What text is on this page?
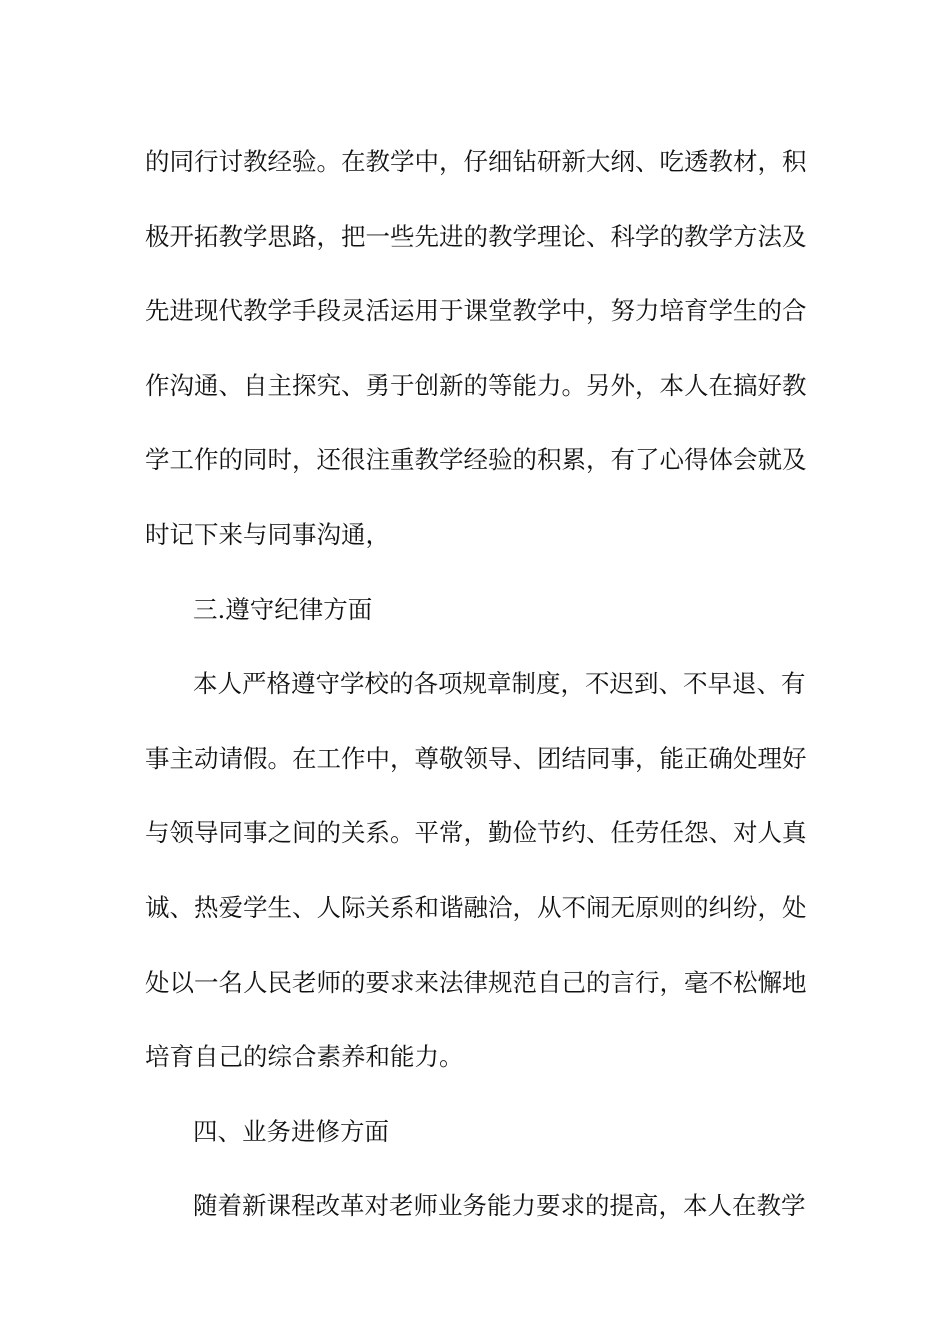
的同行讨教经验。在教学中，仔细钻研新大纲、吃透教材，积
极开拓教学思路，把一些先进的教学理论、科学的教学方法及
先进现代教学手段灵活运用于课堂教学中，努力培育学生的合
作沟通、自主探究、勇于创新的等能力。另外，本人在搞好教
学工作的同时，还很注重教学经验的积累，有了心得体会就及
时记下来与同事沟通，
三.遵守纪律方面
本人严格遵守学校的各项规章制度，不迟到、不早退、有
事主动请假。在工作中，尊敬领导、团结同事，能正确处理好
与领导同事之间的关系。平常，勤俭节约、任劳任怨、对人真
诚、热爱学生、人际关系和谐融洽，从不闹无原则的纠纷，处
处以一名人民老师的要求来法律规范自己的言行，毫不松懈地
培育自己的综合素养和能力。
四、业务进修方面
随着新课程改革对老师业务能力要求的提高，本人在教学
